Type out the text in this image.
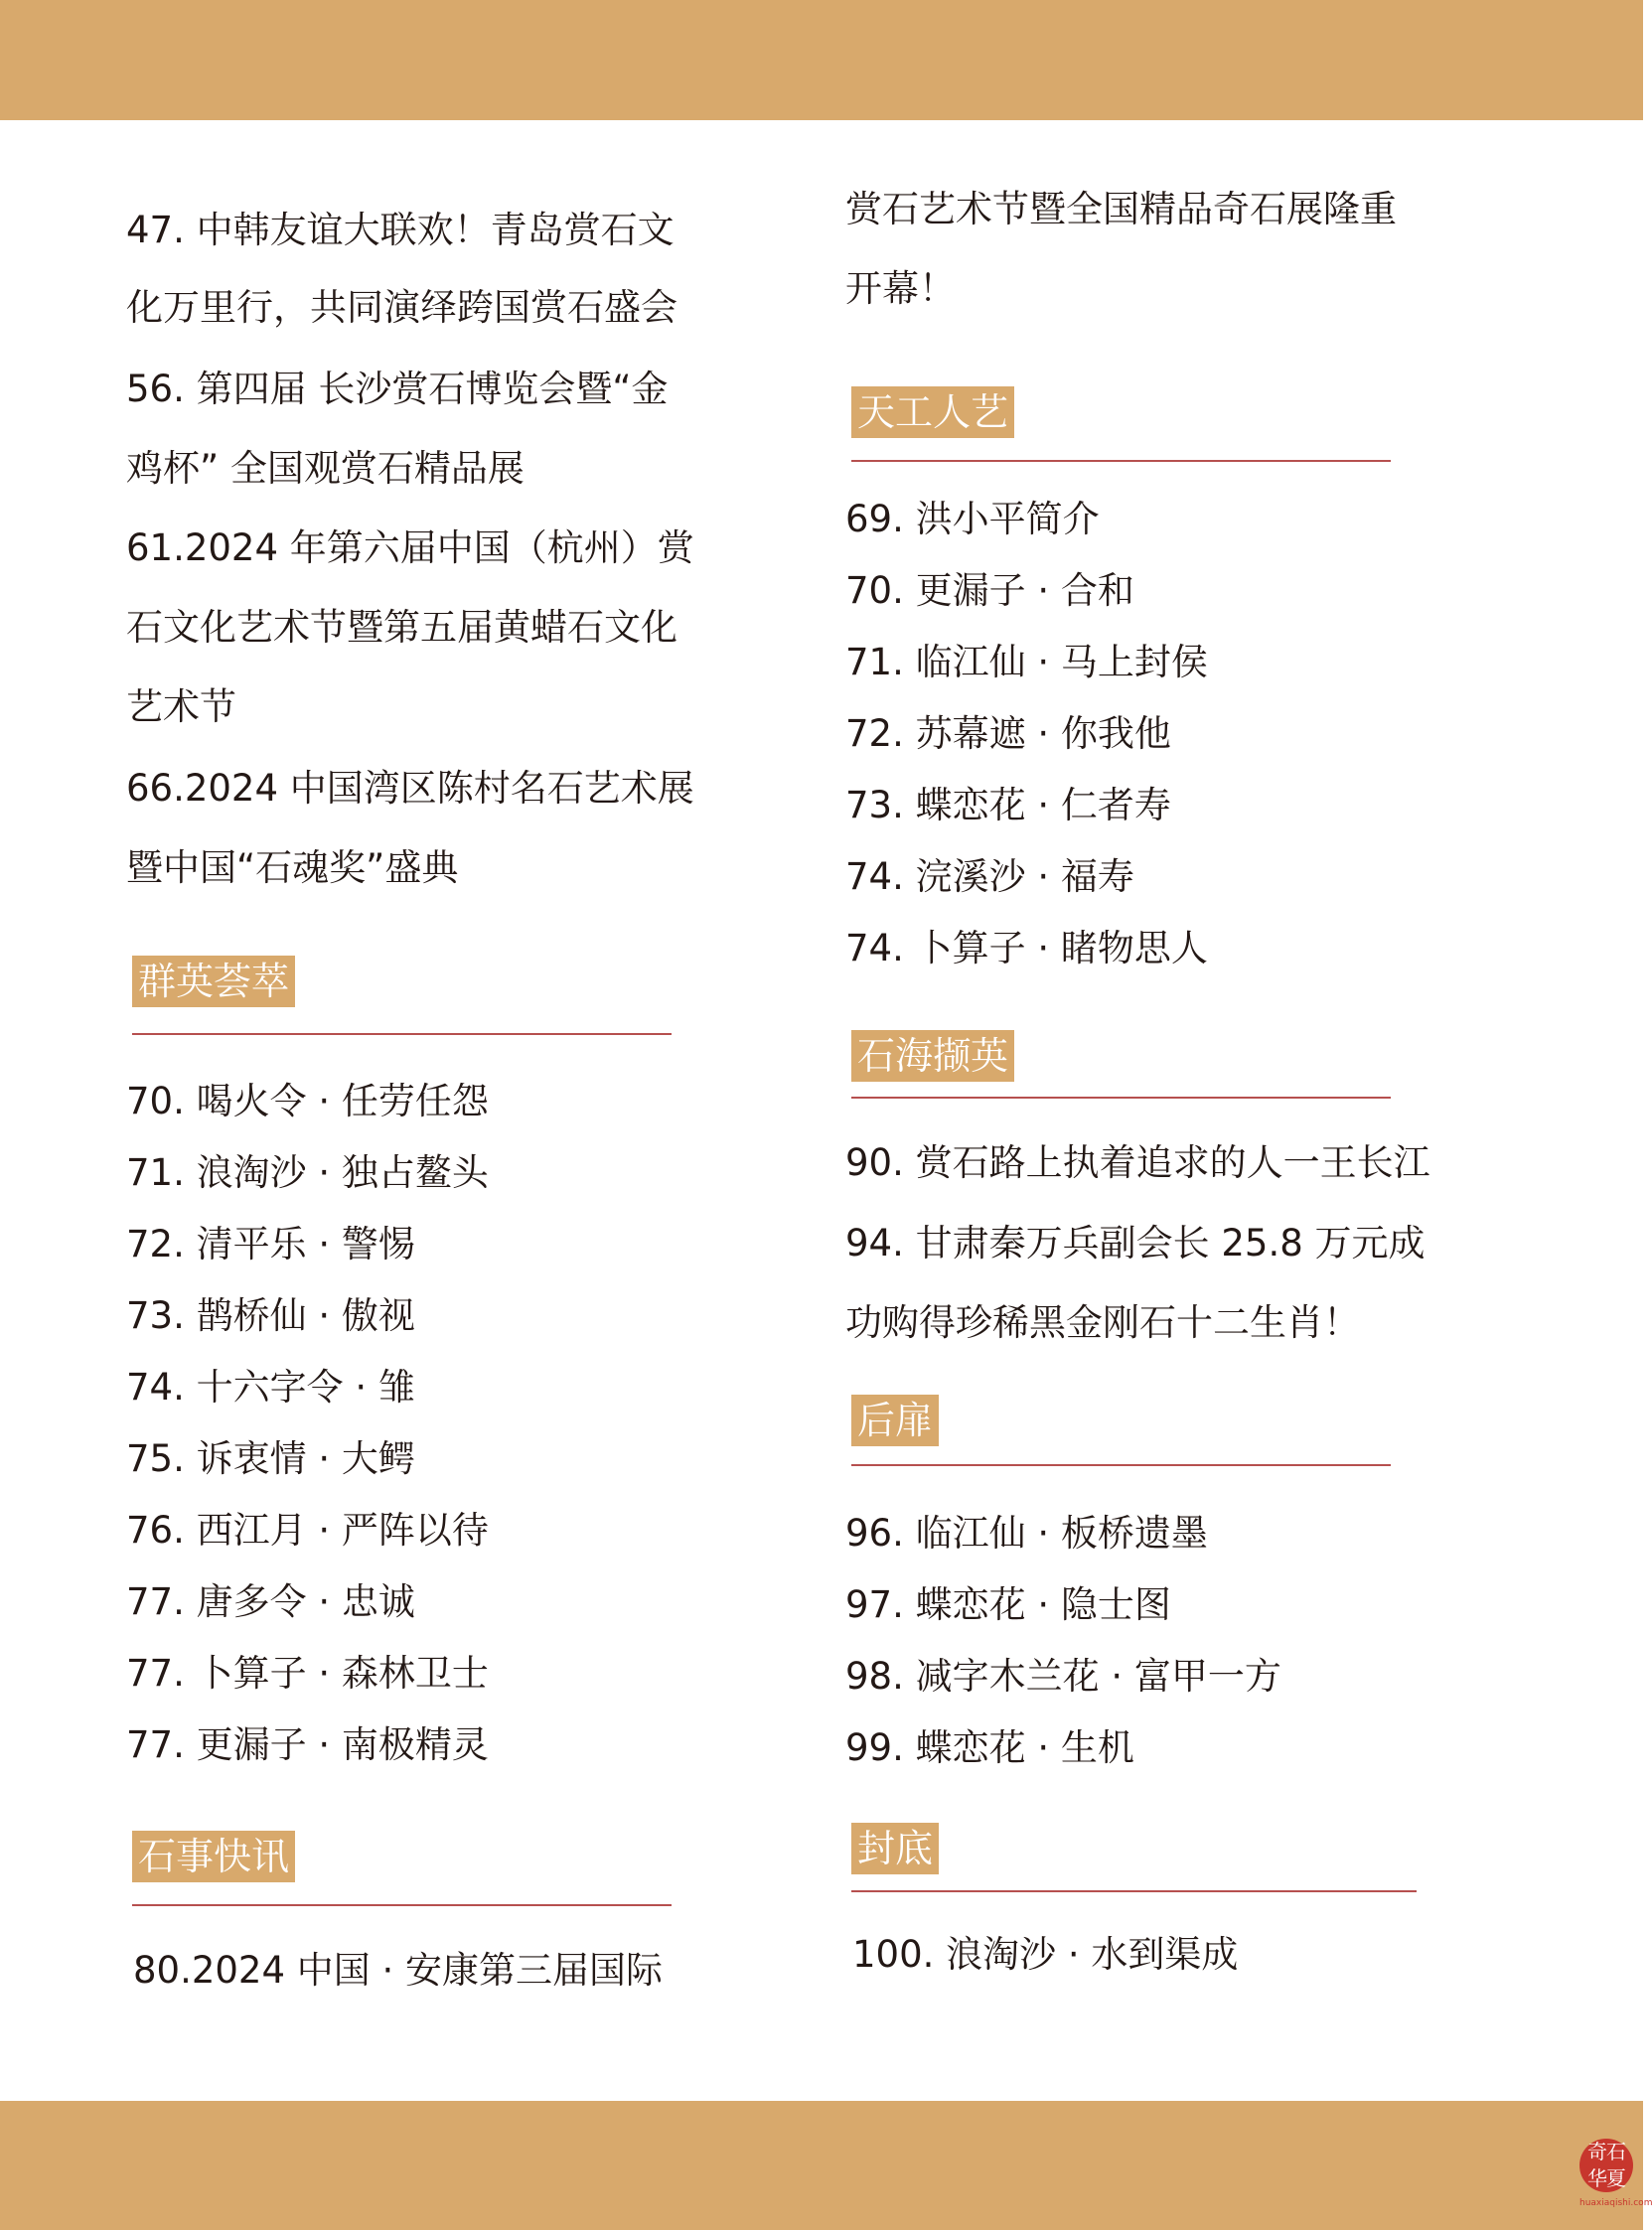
47. 中韩友谊大联欢！青岛赏石文
化万里行，共同演绎跨国赏石盛会
56. 第四届 长沙赏石博览会暨“金
鸡杯” 全国观赏石精品展
61.2024 年第六届中国（杭州）赏
石文化艺术节暨第五届黄蜡石文化
艺术节
66.2024 中国湾区陈村名石艺术展
暨中国“石魂奖”盛典
群英荟萃
70. 喝火令 · 任劳任怨
71. 浪淘沙 · 独占鳌头
72. 清平乐 · 警惕
73. 鹊桥仙 · 傲视
74. 十六字令 · 雏
75. 诉衷情 · 大鳄
76. 西江月 · 严阵以待
77. 唐多令 · 忠诚
77. 卜算子 · 森林卫士
77. 更漏子 · 南极精灵
石事快讯
80.2024 中国 · 安康第三届国际
赏石艺术节暨全国精品奇石展隆重
开幕！
天工人艺
69. 洪小平简介
70. 更漏子 · 合和
71. 临江仙 · 马上封侯
72. 苏幕遮 · 你我他
73. 蝶恋花 · 仁者寿
74. 浣溪沙 · 福寿
74. 卜算子 · 睹物思人
石海撷英
90. 赏石路上执着追求的人一王长江
94. 甘肃秦万兵副会长 25.8 万元成
功购得珍稀黑金刚石十二生肖！
后扉
96. 临江仙 · 板桥遗墨
97. 蝶恋花 · 隐士图
98. 减字木兰花 · 富甲一方
99. 蝶恋花 · 生机
封底
100. 浪淘沙 · 水到渠成
奇石华夏
huaxiaqishi.com
